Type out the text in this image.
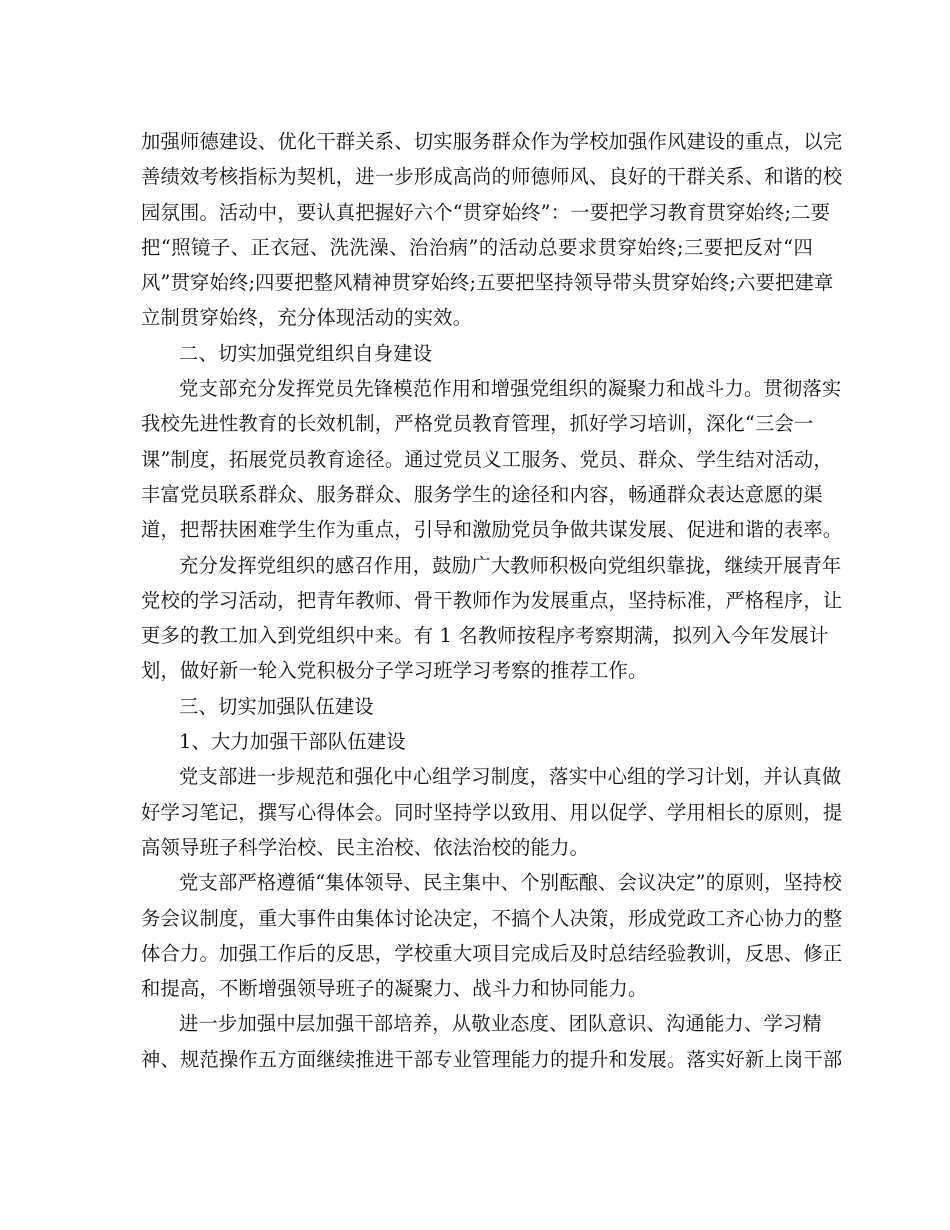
加强师德建设、优化干群关系、切实服务群众作为学校加强作风建设的重点，以完
善绩效考核指标为契机，进一步形成高尚的师德师风、良好的干群关系、和谐的校
园氛围。活动中，要认真把握好六个“贯穿始终”：一要把学习教育贯穿始终;二要
把“照镜子、正衣冠、洗洗澡、治治病”的活动总要求贯穿始终;三要把反对“四
风”贯穿始终;四要把整风精神贯穿始终;五要把坚持领导带头贯穿始终;六要把建章
立制贯穿始终，充分体现活动的实效。
二、切实加强党组织自身建设
党支部充分发挥党员先锋模范作用和增强党组织的凝聚力和战斗力。贯彻落实
我校先进性教育的长效机制，严格党员教育管理，抓好学习培训，深化“三会一
课”制度，拓展党员教育途径。通过党员义工服务、党员、群众、学生结对活动，
丰富党员联系群众、服务群众、服务学生的途径和内容，畅通群众表达意愿的渠
道，把帮扶困难学生作为重点，引导和激励党员争做共谋发展、促进和谐的表率。
充分发挥党组织的感召作用，鼓励广大教师积极向党组织靠拢，继续开展青年
党校的学习活动，把青年教师、骨干教师作为发展重点，坚持标准，严格程序，让
更多的教工加入到党组织中来。有 1 名教师按程序考察期满，拟列入今年发展计
划，做好新一轮入党积极分子学习班学习考察的推荐工作。
三、切实加强队伍建设
1、大力加强干部队伍建设
党支部进一步规范和强化中心组学习制度，落实中心组的学习计划，并认真做
好学习笔记，撰写心得体会。同时坚持学以致用、用以促学、学用相长的原则，提
高领导班子科学治校、民主治校、依法治校的能力。
党支部严格遵循“集体领导、民主集中、个别酝酿、会议决定”的原则，坚持校
务会议制度，重大事件由集体讨论决定，不搞个人决策，形成党政工齐心协力的整
体合力。加强工作后的反思，学校重大项目完成后及时总结经验教训，反思、修正
和提高，不断增强领导班子的凝聚力、战斗力和协同能力。
进一步加强中层加强干部培养，从敬业态度、团队意识、沟通能力、学习精
神、规范操作五方面继续推进干部专业管理能力的提升和发展。落实好新上岗干部
